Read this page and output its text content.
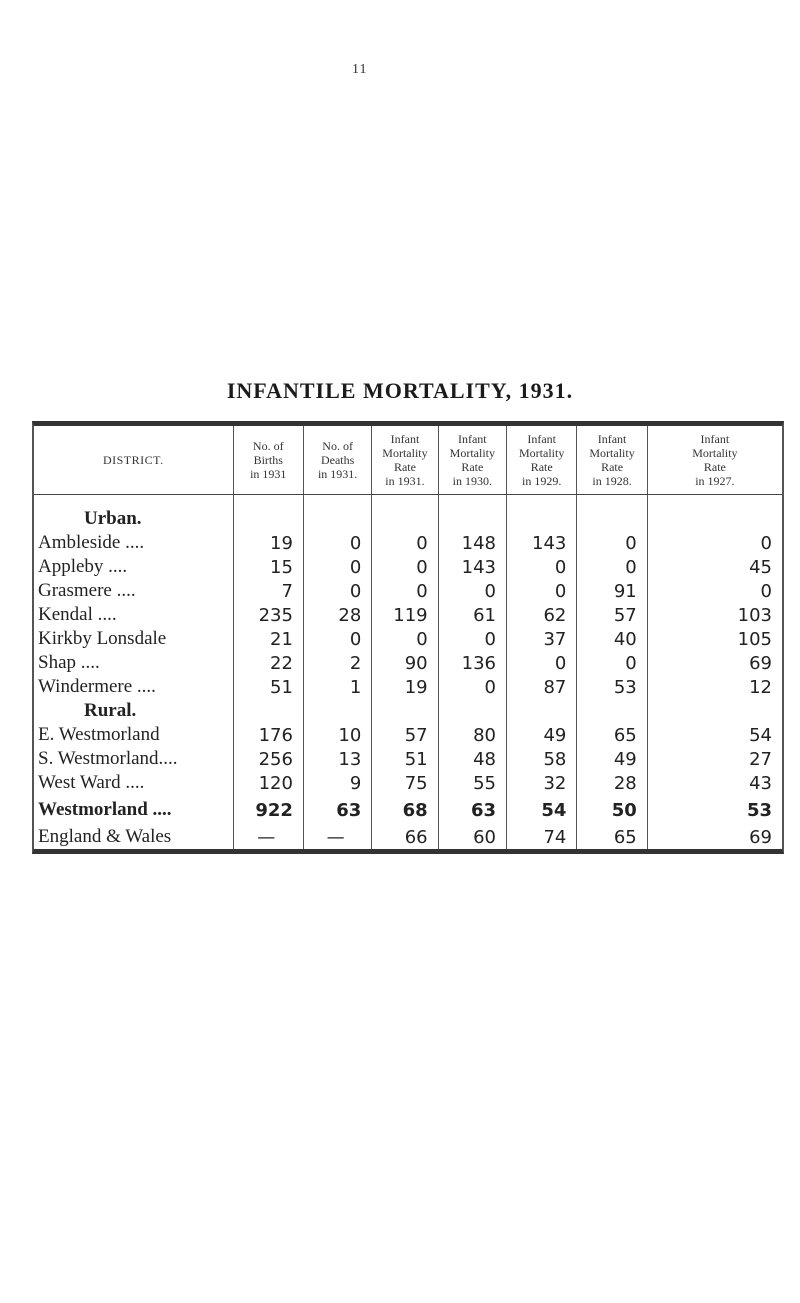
11
INFANTILE MORTALITY, 1931.
DISTRICT.	No. of
Births
in 1931	No. of
Deaths
in 1931.	Infant
Mortality
Rate
in 1931.	Infant
Mortality
Rate
in 1930.	Infant
Mortality
Rate
in 1929.	Infant
Mortality
Rate
in 1928.	Infant
Mortality
Rate
in 1927.

Urban.							
Ambleside ....	19	0	0	148	143	0	0
Appleby ....	15	0	0	143	0	0	45
Grasmere ....	7	0	0	0	0	91	0
Kendal ....	235	28	119	61	62	57	103
Kirkby Lonsdale	21	0	0	0	37	40	105
Shap ....	22	2	90	136	0	0	69
Windermere ....	51	1	19	0	87	53	12
Rural.							
E. Westmorland	176	10	57	80	49	65	54
S. Westmorland....	256	13	51	48	58	49	27
West Ward ....	120	9	75	55	32	28	43
Westmorland ....	922	63	68	63	54	50	53
England & Wales	—	—	66	60	74	65	69
